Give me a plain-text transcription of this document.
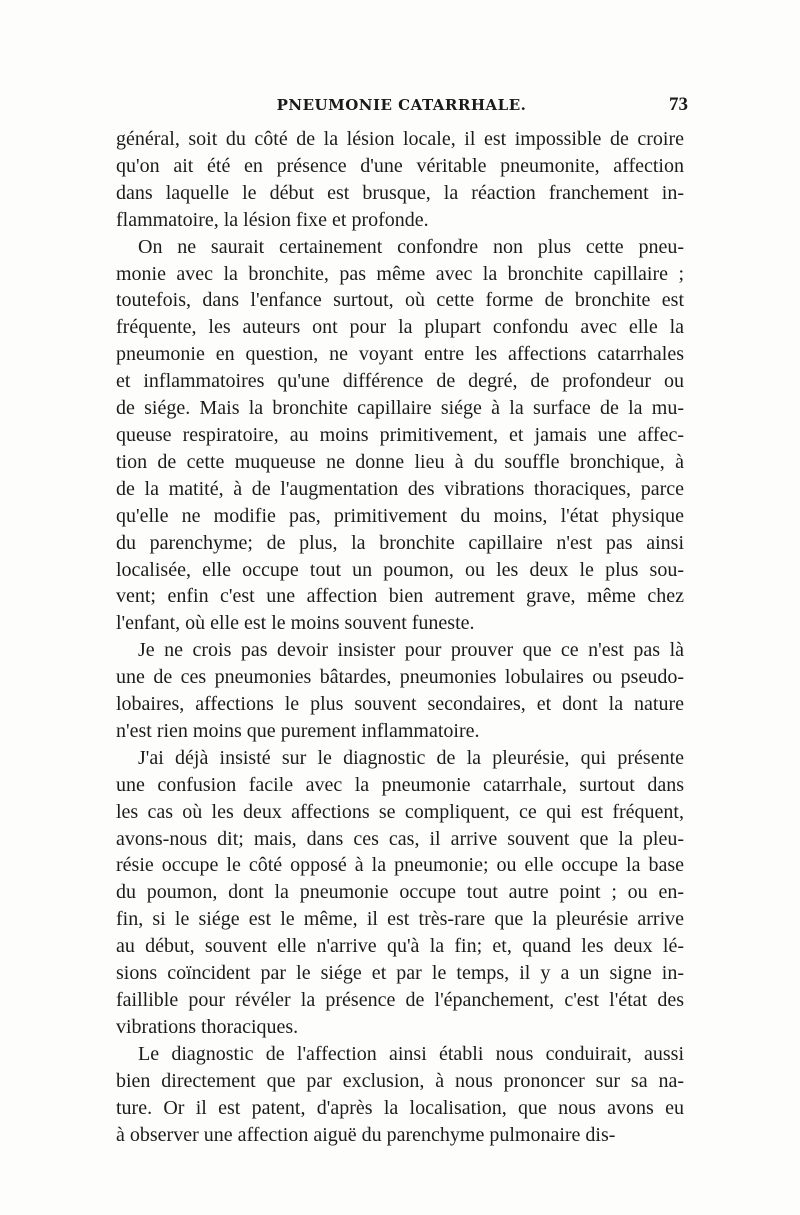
PNEUMONIE CATARRHALE.	73
général, soit du côté de la lésion locale, il est impossible de croire
qu'on ait été en présence d'une véritable pneumonite, affection
dans laquelle le début est brusque, la réaction franchement in-
flammatoire, la lésion fixe et profonde.
On ne saurait certainement confondre non plus cette pneu-
monie avec la bronchite, pas même avec la bronchite capillaire ;
toutefois, dans l'enfance surtout, où cette forme de bronchite est
fréquente, les auteurs ont pour la plupart confondu avec elle la
pneumonie en question, ne voyant entre les affections catarrhales
et inflammatoires qu'une différence de degré, de profondeur ou
de siége. Mais la bronchite capillaire siége à la surface de la mu-
queuse respiratoire, au moins primitivement, et jamais une affec-
tion de cette muqueuse ne donne lieu à du souffle bronchique, à
de la matité, à de l'augmentation des vibrations thoraciques, parce
qu'elle ne modifie pas, primitivement du moins, l'état physique
du parenchyme; de plus, la bronchite capillaire n'est pas ainsi
localisée, elle occupe tout un poumon, ou les deux le plus sou-
vent; enfin c'est une affection bien autrement grave, même chez
l'enfant, où elle est le moins souvent funeste.
Je ne crois pas devoir insister pour prouver que ce n'est pas là
une de ces pneumonies bâtardes, pneumonies lobulaires ou pseudo-
lobaires, affections le plus souvent secondaires, et dont la nature
n'est rien moins que purement inflammatoire.
J'ai déjà insisté sur le diagnostic de la pleurésie, qui présente
une confusion facile avec la pneumonie catarrhale, surtout dans
les cas où les deux affections se compliquent, ce qui est fréquent,
avons-nous dit; mais, dans ces cas, il arrive souvent que la pleu-
résie occupe le côté opposé à la pneumonie; ou elle occupe la base
du poumon, dont la pneumonie occupe tout autre point ; ou en-
fin, si le siége est le même, il est très-rare que la pleurésie arrive
au début, souvent elle n'arrive qu'à la fin; et, quand les deux lé-
sions coïncident par le siége et par le temps, il y a un signe in-
faillible pour révéler la présence de l'épanchement, c'est l'état des
vibrations thoraciques.
Le diagnostic de l'affection ainsi établi nous conduirait, aussi
bien directement que par exclusion, à nous prononcer sur sa na-
ture. Or il est patent, d'après la localisation, que nous avons eu
à observer une affection aiguë du parenchyme pulmonaire dis-
